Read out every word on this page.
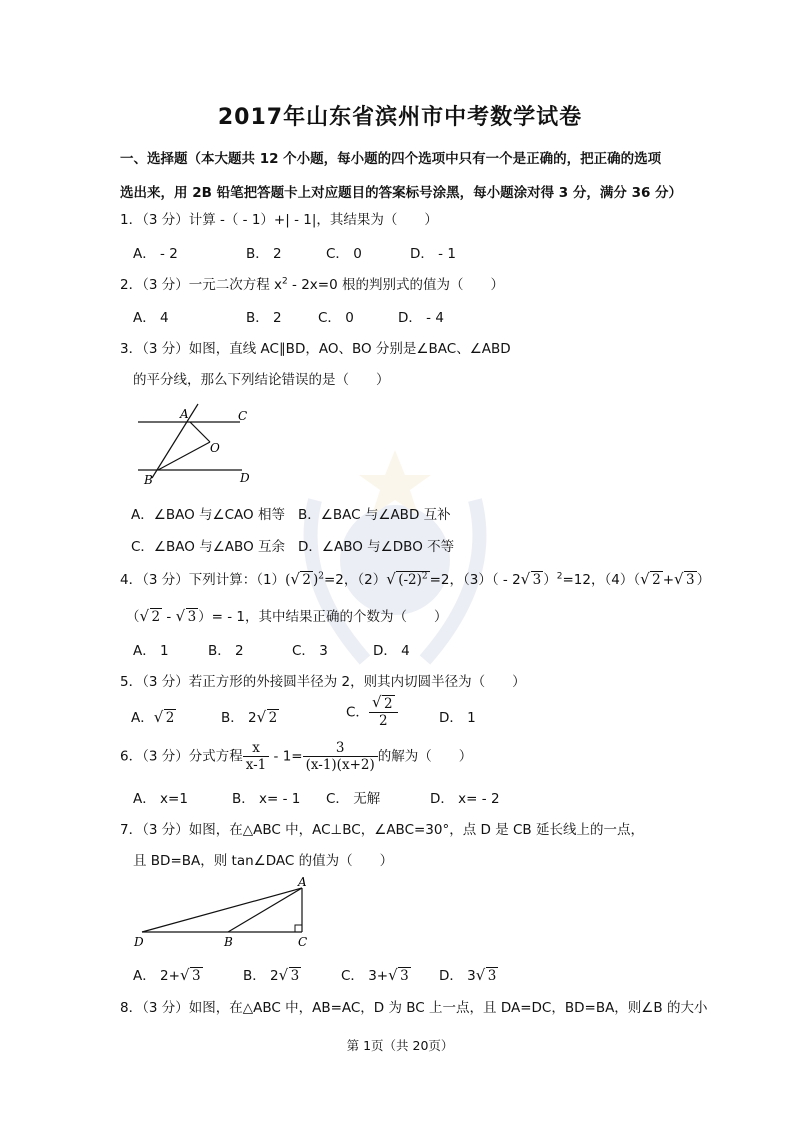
2017年山东省滨州市中考数学试卷
一、选择题（本大题共 12 个小题，每小题的四个选项中只有一个是正确的，把正确的选项
选出来，用 2B 铅笔把答题卡上对应题目的答案标号涂黑，每小题涂对得 3 分，满分 36 分）
1．（3 分）计算 -（ - 1）+| - 1|，其结果为（　　）
A． - 2	B． 2	C． 0	D． - 1
2．（3 分）一元二次方程 $x^2 - 2x=0$ 根的判别式的值为（　　）
A． 4	B． 2	C． 0	D． - 4
3．（3 分）如图，直线 AC∥BD，AO、BO 分别是∠BAC、∠ABD
的平分线，那么下列结论错误的是（　　）
A	C
O
B	D
A．∠BAO 与∠CAO 相等 B．∠BAC 与∠ABD 互补
C．∠BAO 与∠ABO 互余 D．∠ABO 与∠DBO 不等
4．（3 分）下列计算：（1）( √ 2 )$^2$=2，（2） √ $(-2)^2 =2$，（3）（ - 2 √ 3 ）$^2$=12，（4）（ √ 2 + √ 3 ）
（ √ 2 - √ 3 ）= - 1，其中结果正确的个数为（　　）
A． 1	B． 2	C． 3	D． 4
5．（3 分）若正方形的外接圆半径为 2，则其内切圆半径为（　　）
A． √ 2	B． 2 √ 2	C． $\frac{√ 2}{2}$	D． 1
6．（3 分）分式方程 $\frac{x}{x-1} - 1= \frac{3}{(x-1)(x+2)}$ 的解为（　　）
A． x=1	B． x= - 1 C． 无解	D． x= - 2
7．（3 分）如图，在△ABC 中，AC⊥BC，∠ABC=30°，点 D 是 CB 延长线上的一点，
且 BD=BA，则 tan∠DAC 的值为（　　）
A
D	B	C
A． 2+ √ 3	B． 2 √ 3	C． 3+ √ 3 D． 3 √ 3
8．（3 分）如图，在△ABC 中，AB=AC，D 为 BC 上一点，且 DA=DC，BD=BA，则∠B 的大小
第 1页（共 20页）
